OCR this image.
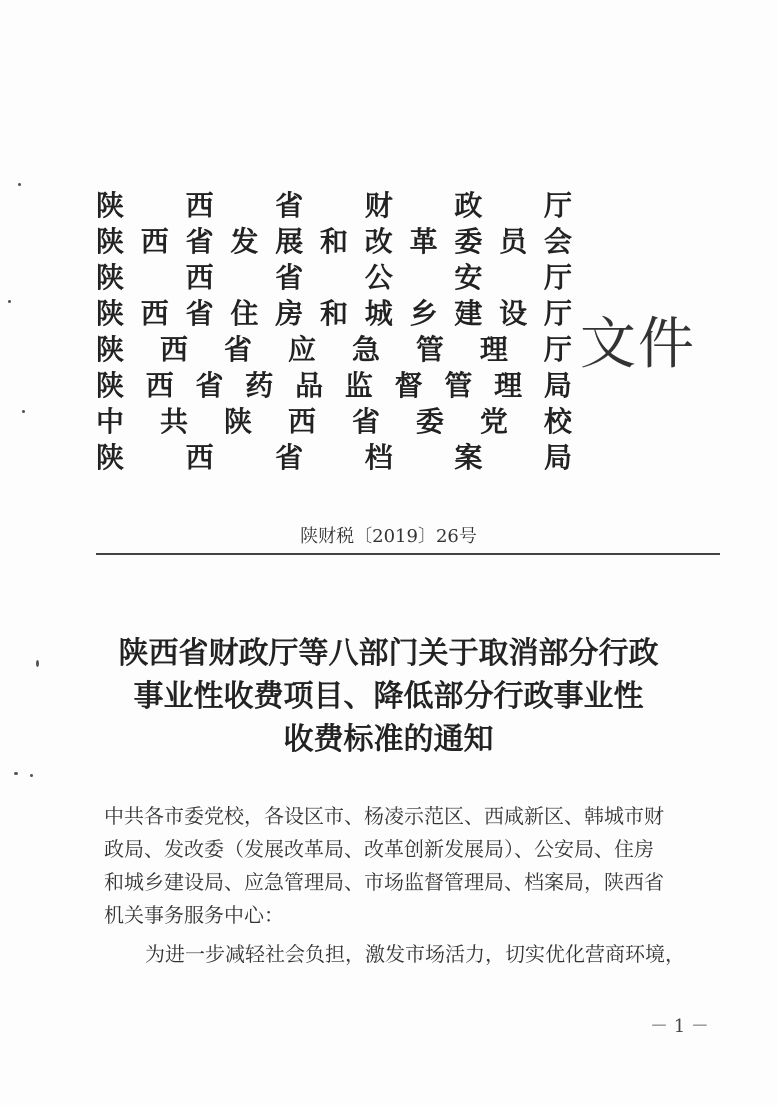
陕 西 省 财 政 厅
陕 西 省 发 展 和 改 革 委 员 会
陕 西 省 公 安 厅
陕 西 省 住 房 和 城 乡 建 设 厅
陕 西 省 应 急 管 理 厅
陕 西 省 药 品 监 督 管 理 局
中 共 陕 西 省 委 党 校
陕 西 省 档 案 局
文件
陕财税〔2019〕26号
陕西省财政厅等八部门关于取消部分行政
事业性收费项目、降低部分行政事业性
收费标准的通知
中共各市委党校，各设区市、杨凌示范区、西咸新区、韩城市财
政局、发改委（发展改革局、改革创新发展局）、公安局、住房
和城乡建设局、应急管理局、市场监督管理局、档案局，陕西省
机关事务服务中心：
为进一步减轻社会负担，激发市场活力，切实优化营商环境，
－ 1 －
